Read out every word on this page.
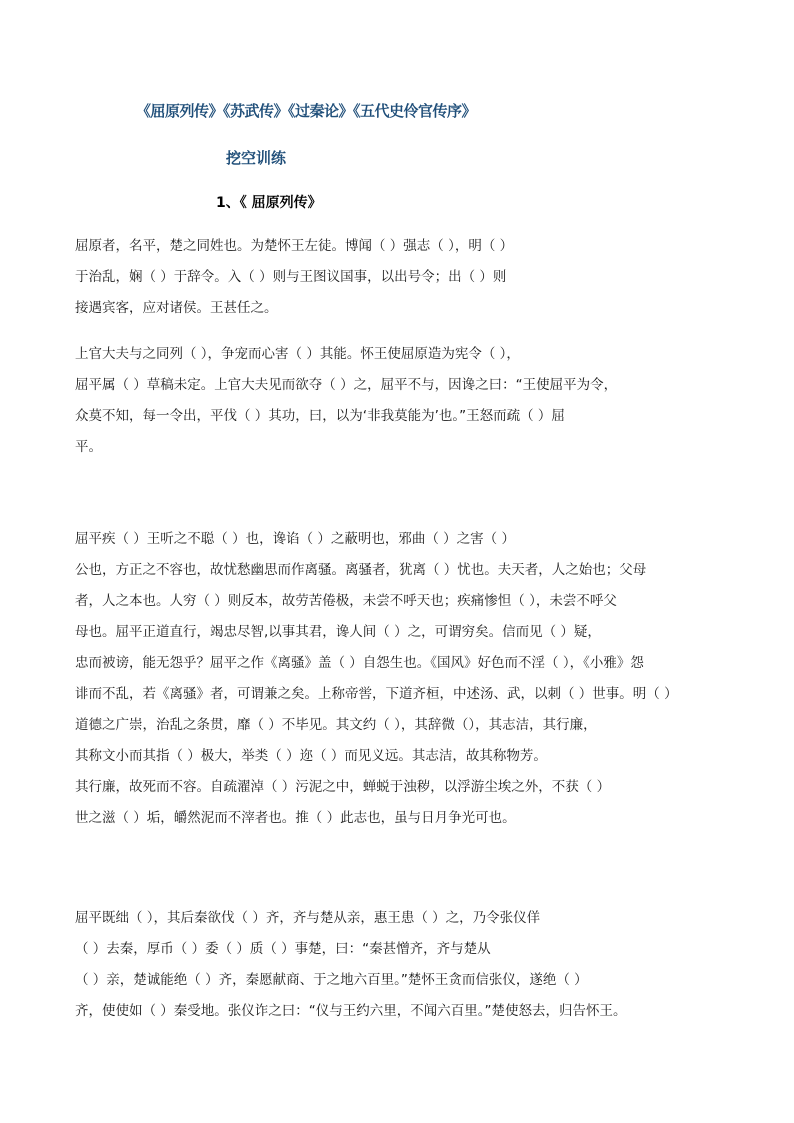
《屈原列传》《苏武传》《过秦论》《五代史伶官传序》
挖空训练
1、《 屈原列传》
屈原者，名平，楚之同姓也。为楚怀王左徒。博闻（ ）强志（ ），明（ ）
于治乱，娴（ ）于辞令。入（ ）则与王图议国事，以出号令；出（ ）则
接遇宾客，应对诸侯。王甚任之。
上官大夫与之同列（ ），争宠而心害（ ）其能。怀王使屈原造为宪令（ ），
屈平属（ ）草稿未定。上官大夫见而欲夺（ ）之，屈平不与，因谗之曰：“王使屈平为令，
众莫不知，每一令出，平伐（ ）其功，曰，以为‘非我莫能为’也。”王怒而疏（ ）屈
平。
屈平疾（ ）王听之不聪（ ）也，谗谄（ ）之蔽明也，邪曲（ ）之害（ ）
公也，方正之不容也，故忧愁幽思而作离骚。离骚者，犹离（ ）忧也。夫天者，人之始也；父母
者，人之本也。人穷（ ）则反本，故劳苦倦极，未尝不呼天也；疾痛惨怛（ ），未尝不呼父
母也。屈平正道直行，竭忠尽智,以事其君，谗人间（ ）之，可谓穷矣。信而见（ ）疑，
忠而被谤，能无怨乎？屈平之作《离骚》盖（ ）自怨生也。《国风》好色而不淫（ ），《小雅》怨
诽而不乱，若《离骚》者，可谓兼之矣。上称帝喾，下道齐桓，中述汤、武，以刺（ ）世事。明（ ）
道德之广崇，治乱之条贯，靡（ ）不毕见。其文约（ ），其辞微（），其志洁，其行廉，
其称文小而其指（ ）极大，举类（ ）迩（ ）而见义远。其志洁，故其称物芳。
其行廉，故死而不容。自疏濯淖（ ）污泥之中，蝉蜕于浊秽，以浮游尘埃之外，不获（ ）
世之滋（ ）垢，皭然泥而不滓者也。推（ ）此志也，虽与日月争光可也。
屈平既绌（ ），其后秦欲伐（ ）齐，齐与楚从亲，惠王患（ ）之，乃令张仪佯
（ ）去秦，厚币（ ）委（ ）质（ ）事楚，曰：“秦甚憎齐，齐与楚从
（ ）亲，楚诚能绝（ ）齐，秦愿献商、于之地六百里。”楚怀王贪而信张仪，遂绝（ ）
齐，使使如（ ）秦受地。张仪诈之曰：“仪与王约六里，不闻六百里。”楚使怒去，归告怀王。
